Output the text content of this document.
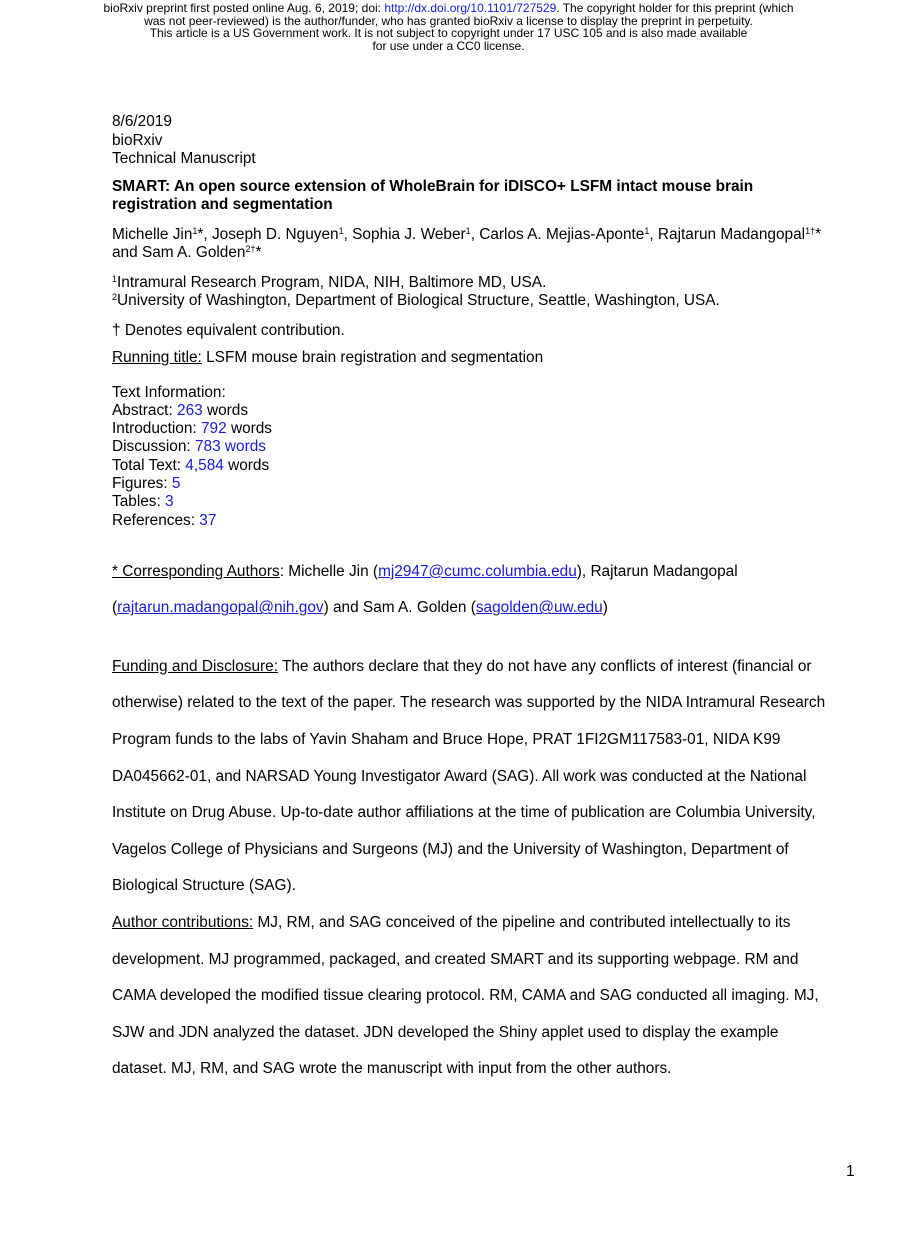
bioRxiv preprint first posted online Aug. 6, 2019; doi: http://dx.doi.org/10.1101/727529. The copyright holder for this preprint (which
was not peer-reviewed) is the author/funder, who has granted bioRxiv a license to display the preprint in perpetuity.
This article is a US Government work. It is not subject to copyright under 17 USC 105 and is also made available
for use under a CC0 license.
8/6/2019
bioRxiv
Technical Manuscript
SMART: An open source extension of WholeBrain for iDISCO+ LSFM intact mouse brain
registration and segmentation
Michelle Jin$^1$*, Joseph D. Nguyen$^1$, Sophia J. Weber$^1$, Carlos A. Mejias-Aponte$^1$, Rajtarun Madangopal$^{1\dagger}$*
and Sam A. Golden$^{2\dagger}$*
$^1$Intramural Research Program, NIDA, NIH, Baltimore MD, USA.
$^2$University of Washington, Department of Biological Structure, Seattle, Washington, USA.
† Denotes equivalent contribution.
Running title: LSFM mouse brain registration and segmentation
Text Information:
Abstract: 263 words
Introduction: 792 words
Discussion: 783 words
Total Text: 4,584 words
Figures: 5
Tables: 3
References: 37
* Corresponding Authors: Michelle Jin (mj2947@cumc.columbia.edu), Rajtarun Madangopal
(rajtarun.madangopal@nih.gov) and Sam A. Golden (sagolden@uw.edu)
Funding and Disclosure: The authors declare that they do not have any conflicts of interest (financial or
otherwise) related to the text of the paper. The research was supported by the NIDA Intramural Research
Program funds to the labs of Yavin Shaham and Bruce Hope, PRAT 1FI2GM117583-01, NIDA K99
DA045662-01, and NARSAD Young Investigator Award (SAG). All work was conducted at the National
Institute on Drug Abuse. Up-to-date author affiliations at the time of publication are Columbia University,
Vagelos College of Physicians and Surgeons (MJ) and the University of Washington, Department of
Biological Structure (SAG).
Author contributions: MJ, RM, and SAG conceived of the pipeline and contributed intellectually to its
development. MJ programmed, packaged, and created SMART and its supporting webpage. RM and
CAMA developed the modified tissue clearing protocol. RM, CAMA and SAG conducted all imaging. MJ,
SJW and JDN analyzed the dataset. JDN developed the Shiny applet used to display the example
dataset. MJ, RM, and SAG wrote the manuscript with input from the other authors.
1
